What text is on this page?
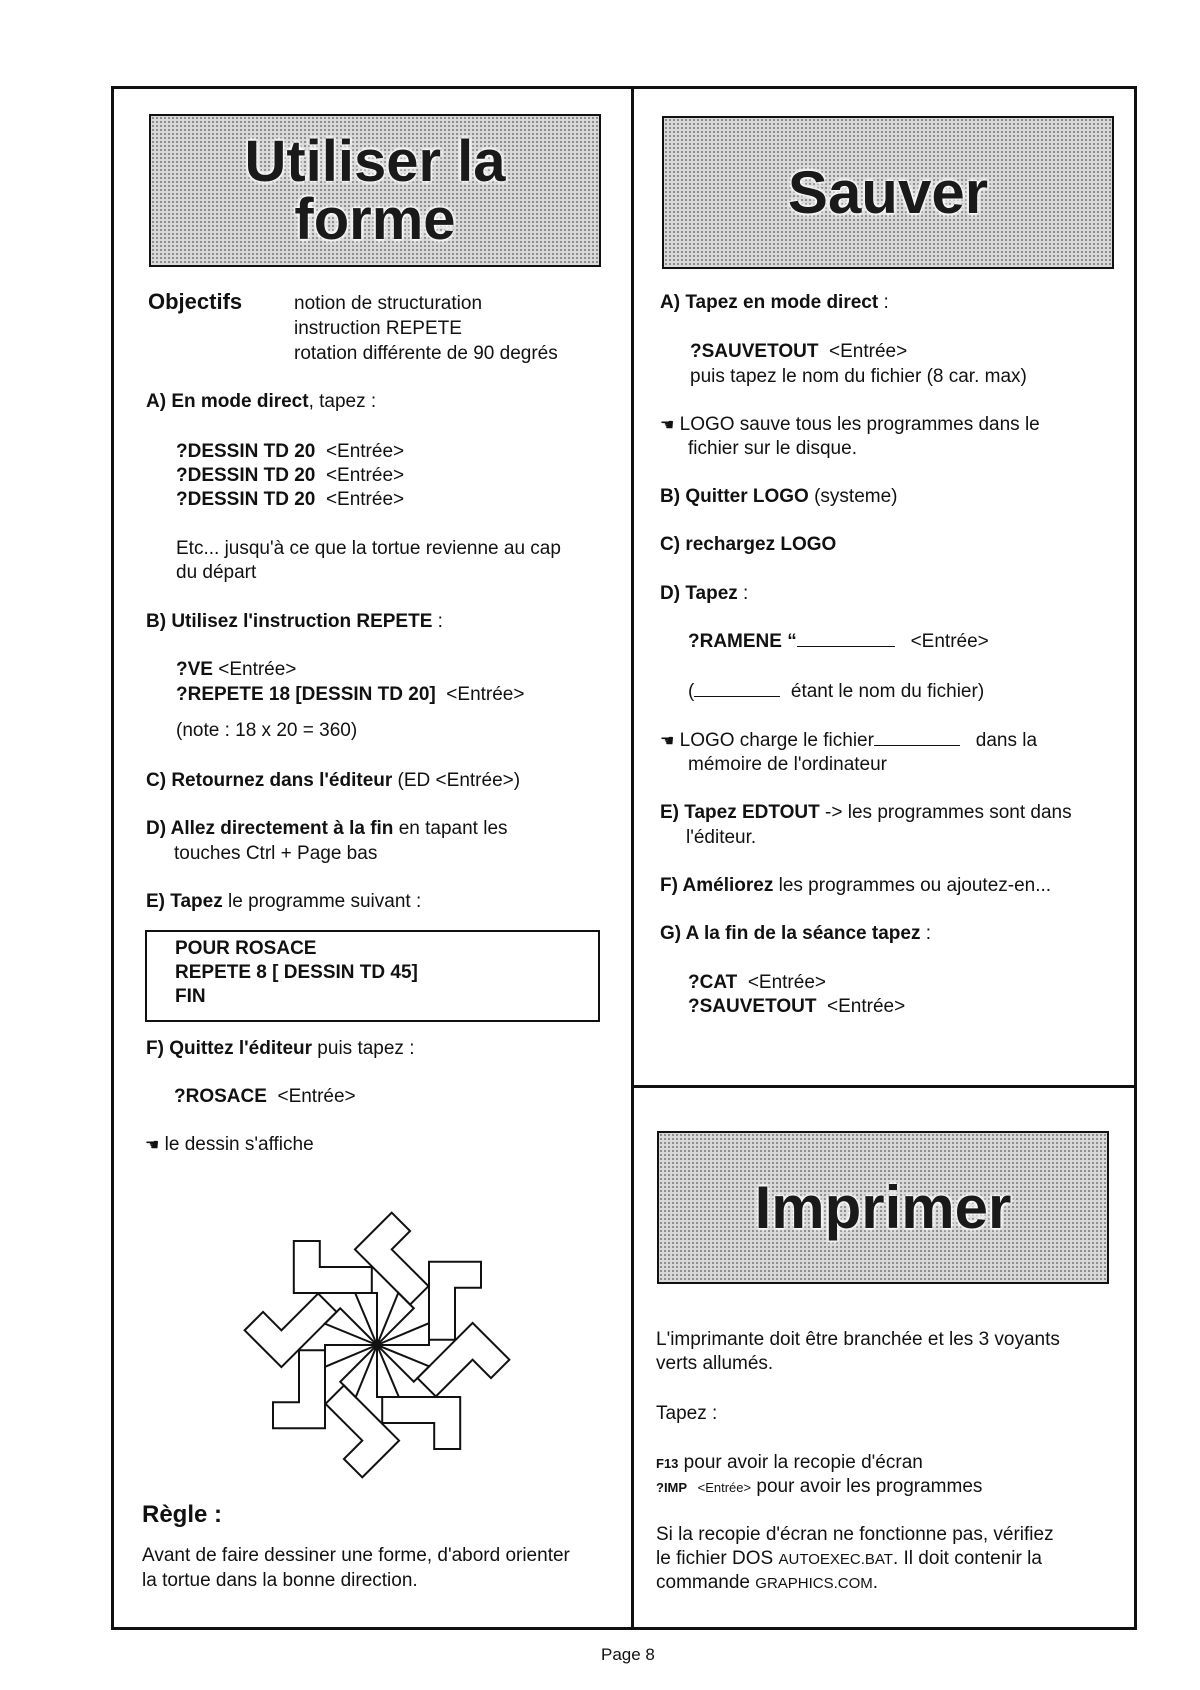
Utiliser la
forme
Objectifs	notion de structuration
instruction REPETE
rotation différente de 90 degrés
A) En mode direct, tapez :
?DESSIN TD 20 <Entrée>
?DESSIN TD 20 <Entrée>
?DESSIN TD 20 <Entrée>
Etc... jusqu'à ce que la tortue revienne au cap
du départ
B) Utilisez l'instruction REPETE :
?VE <Entrée>
?REPETE 18 [DESSIN TD 20] <Entrée>
(note : 18 x 20 = 360)
C) Retournez dans l'éditeur (ED <Entrée>)
D) Allez directement à la fin en tapant les
touches Ctrl + Page bas
E) Tapez le programme suivant :
POUR ROSACE
REPETE 8 [ DESSIN TD 45]
FIN
F) Quittez l'éditeur puis tapez :
?ROSACE <Entrée>
☚ le dessin s'affiche
Règle :
Avant de faire dessiner une forme, d'abord orienter
la tortue dans la bonne direction.
Sauver
A) Tapez en mode direct :
?SAUVETOUT <Entrée>
puis tapez le nom du fichier (8 car. max)
☚ LOGO sauve tous les programmes dans le
fichier sur le disque.
B) Quitter LOGO (systeme)
C) rechargez LOGO
D) Tapez :
?RAMENE “	<Entrée>
(	étant le nom du fichier)
☚ LOGO charge le fichier	dans la
mémoire de l'ordinateur
E) Tapez EDTOUT -> les programmes sont dans
l'éditeur.
F) Améliorez les programmes ou ajoutez-en...
G) A la fin de la séance tapez :
?CAT <Entrée>
?SAUVETOUT <Entrée>
Imprimer
L'imprimante doit être branchée et les 3 voyants
verts allumés.
Tapez :
F13 pour avoir la recopie d'écran
?IMP <Entrée> pour avoir les programmes
Si la recopie d'écran ne fonctionne pas, vérifiez
le fichier DOS AUTOEXEC.BAT. Il doit contenir la
commande GRAPHICS.COM.
Page 8
